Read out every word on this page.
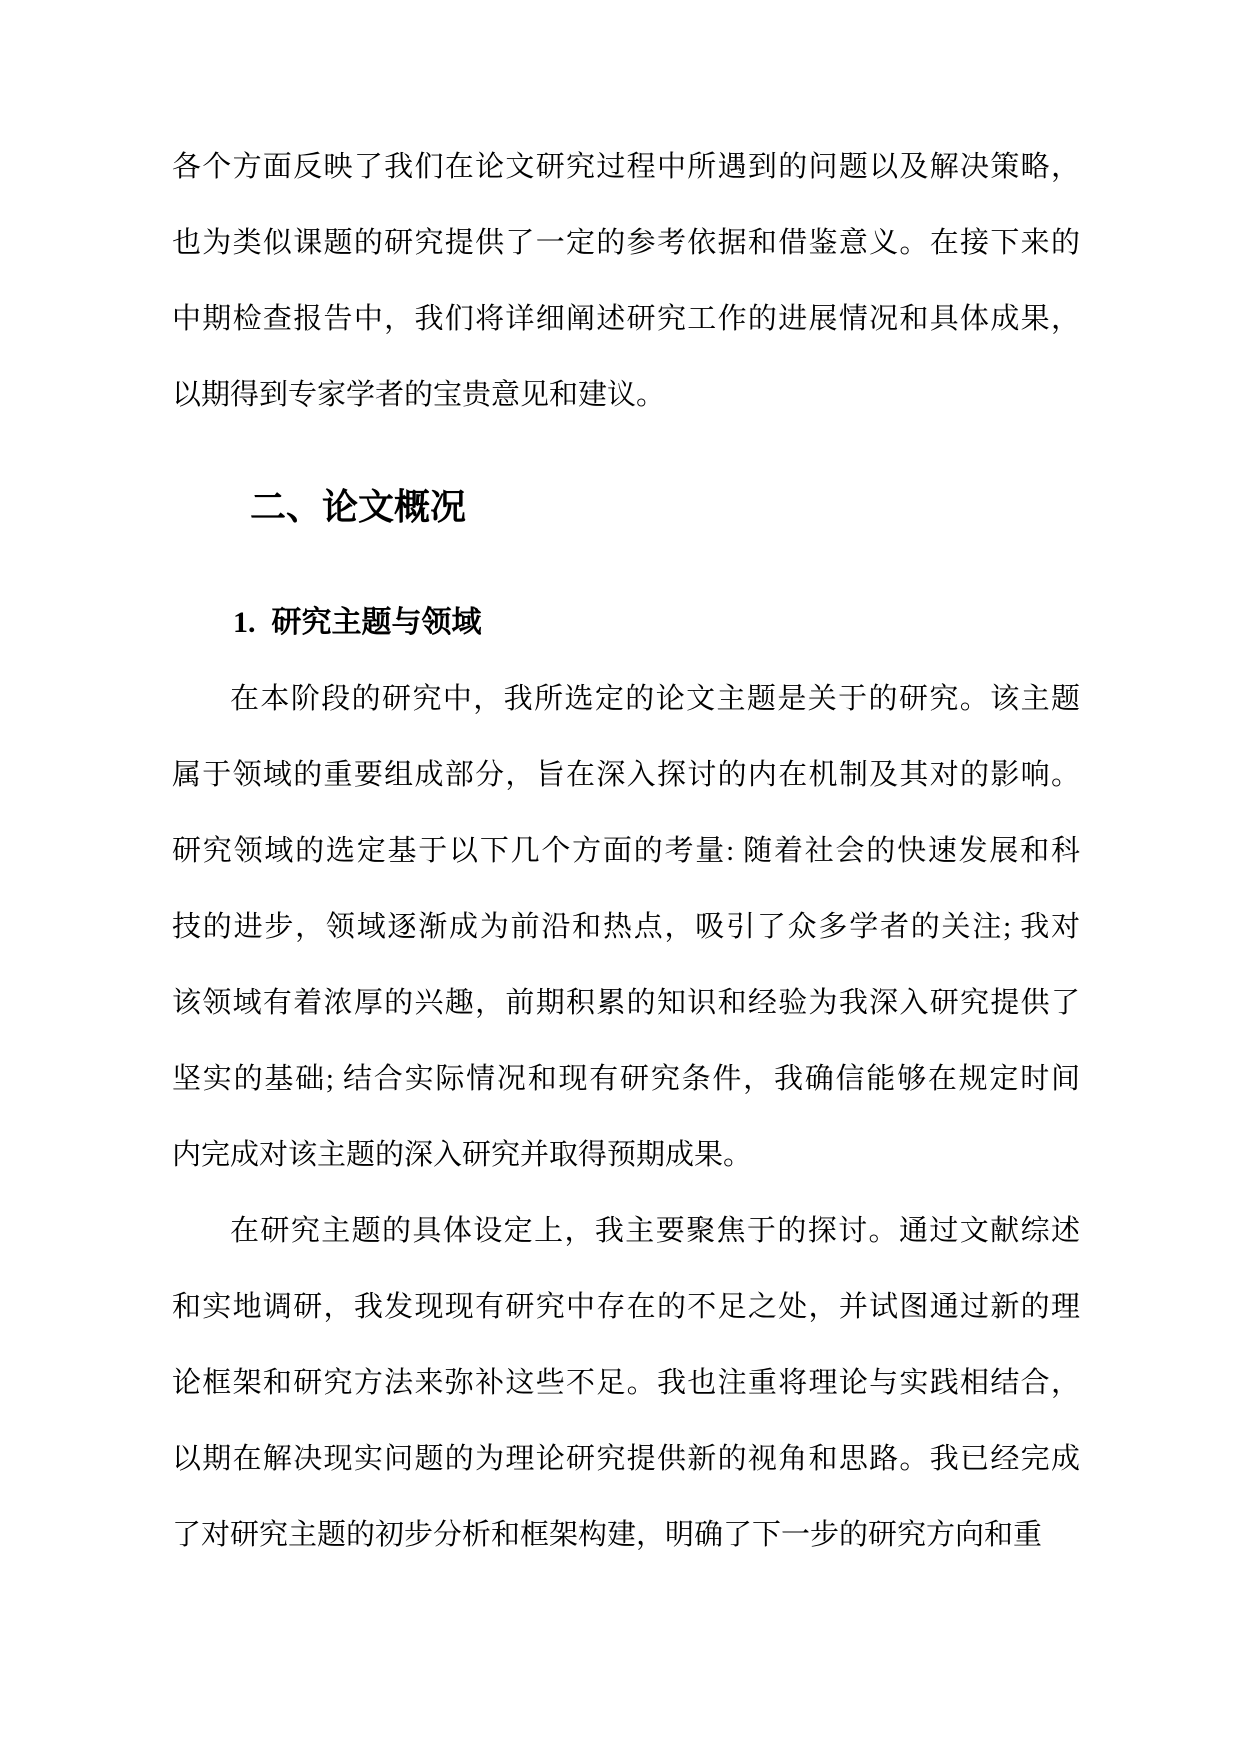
各个方面反映了我们在论文研究过程中所遇到的问题以及解决策略，
也为类似课题的研究提供了一定的参考依据和借鉴意义。在接下来的
中期检查报告中，我们将详细阐述研究工作的进展情况和具体成果，
以期得到专家学者的宝贵意见和建议。
二、论文概况
1. 研究主题与领域
在本阶段的研究中，我所选定的论文主题是关于的研究。该主题
属于领域的重要组成部分，旨在深入探讨的内在机制及其对的影响。
研究领域的选定基于以下几个方面的考量: 随着社会的快速发展和科
技的进步，领域逐渐成为前沿和热点，吸引了众多学者的关注; 我对
该领域有着浓厚的兴趣，前期积累的知识和经验为我深入研究提供了
坚实的基础; 结合实际情况和现有研究条件，我确信能够在规定时间
内完成对该主题的深入研究并取得预期成果。
在研究主题的具体设定上，我主要聚焦于的探讨。通过文献综述
和实地调研，我发现现有研究中存在的不足之处，并试图通过新的理
论框架和研究方法来弥补这些不足。我也注重将理论与实践相结合，
以期在解决现实问题的为理论研究提供新的视角和思路。我已经完成
了对研究主题的初步分析和框架构建，明确了下一步的研究方向和重
